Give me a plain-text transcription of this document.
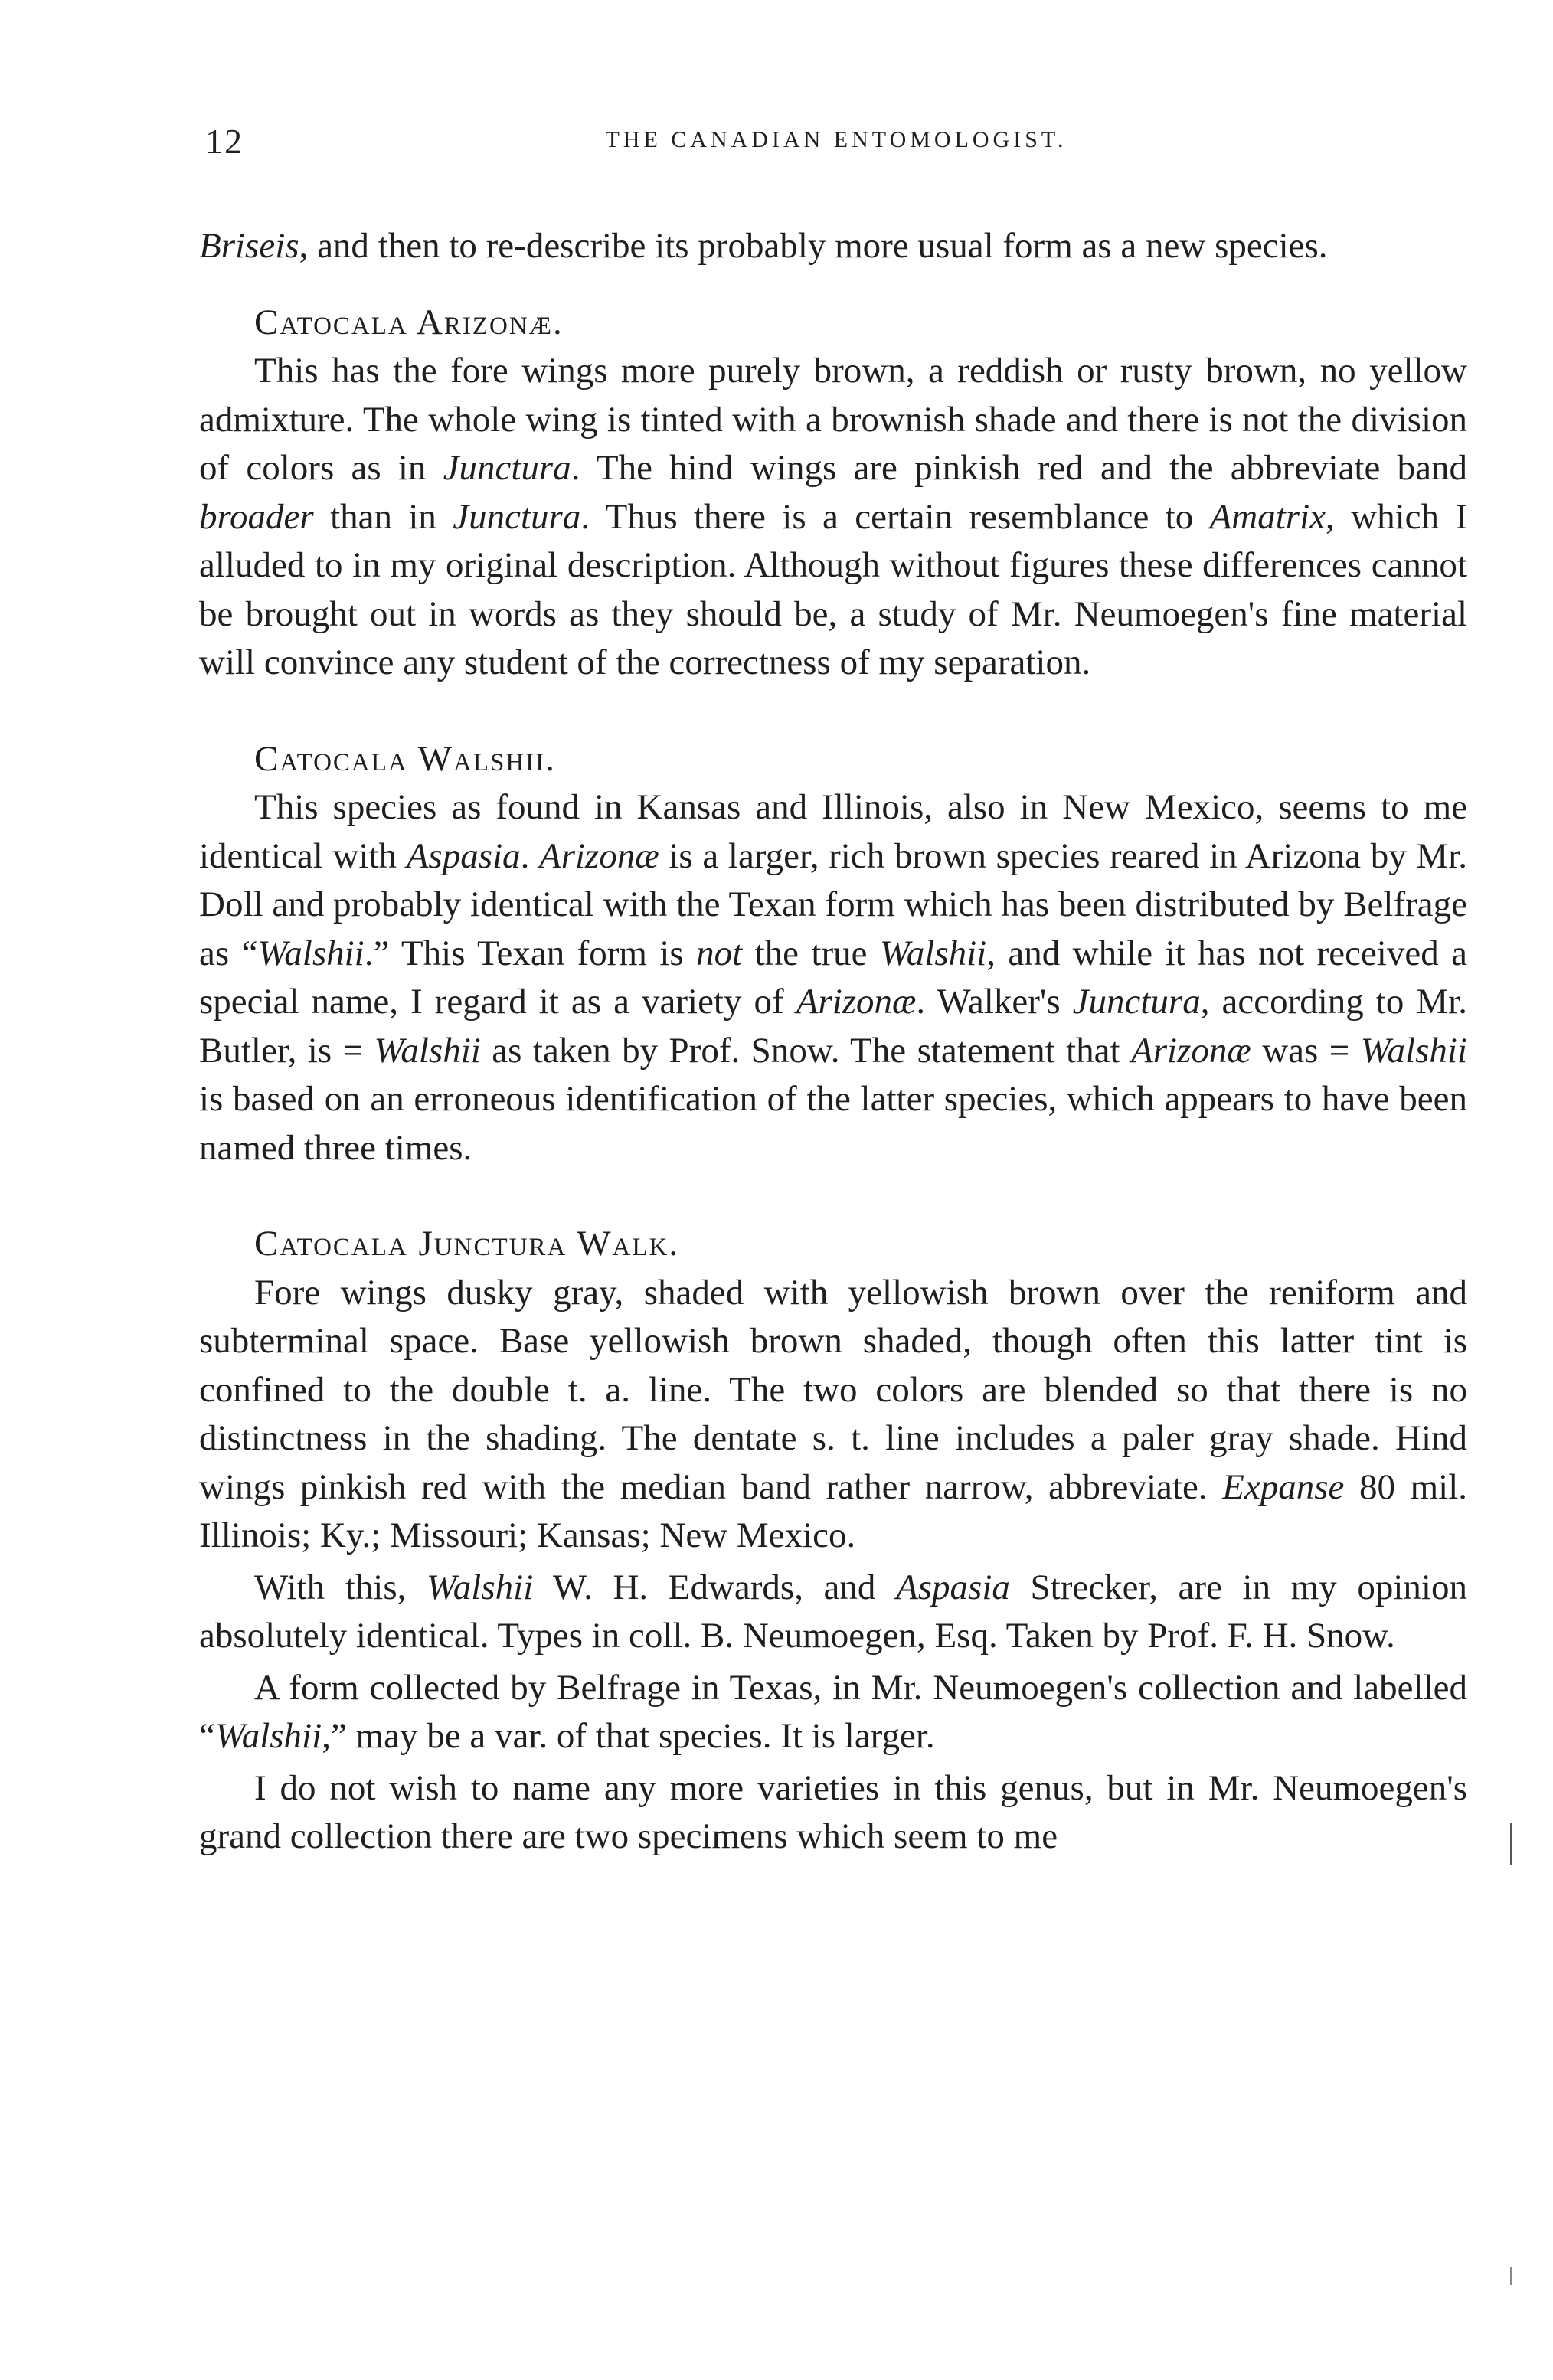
12	THE CANADIAN ENTOMOLOGIST.

Briseis, and then to re-describe its probably more usual form as a new species.

Catocala Arizonæ.

This has the fore wings more purely brown, a reddish or rusty brown, no yellow admixture. The whole wing is tinted with a brownish shade and there is not the division of colors as in Junctura. The hind wings are pinkish red and the abbreviate band broader than in Junctura. Thus there is a certain resemblance to Amatrix, which I alluded to in my original description. Although without figures these differences cannot be brought out in words as they should be, a study of Mr. Neumoegen's fine material will convince any student of the correctness of my separation.

Catocala Walshii.

This species as found in Kansas and Illinois, also in New Mexico, seems to me identical with Aspasia. Arizonæ is a larger, rich brown species reared in Arizona by Mr. Doll and probably identical with the Texan form which has been distributed by Belfrage as “Walshii.” This Texan form is not the true Walshii, and while it has not received a special name, I regard it as a variety of Arizonæ. Walker's Junctura, according to Mr. Butler, is = Walshii as taken by Prof. Snow. The statement that Arizonæ was = Walshii is based on an erroneous identification of the latter species, which appears to have been named three times.

Catocala Junctura Walk.

Fore wings dusky gray, shaded with yellowish brown over the reniform and subterminal space. Base yellowish brown shaded, though often this latter tint is confined to the double t. a. line. The two colors are blended so that there is no distinctness in the shading. The dentate s. t. line includes a paler gray shade. Hind wings pinkish red with the median band rather narrow, abbreviate. Expanse 80 mil. Illinois; Ky.; Missouri; Kansas; New Mexico.

With this, Walshii W. H. Edwards, and Aspasia Strecker, are in my opinion absolutely identical. Types in coll. B. Neumoegen, Esq. Taken by Prof. F. H. Snow.

A form collected by Belfrage in Texas, in Mr. Neumoegen's collection and labelled “Walshii,” may be a var. of that species. It is larger.

I do not wish to name any more varieties in this genus, but in Mr. Neumoegen's grand collection there are two specimens which seem to me
